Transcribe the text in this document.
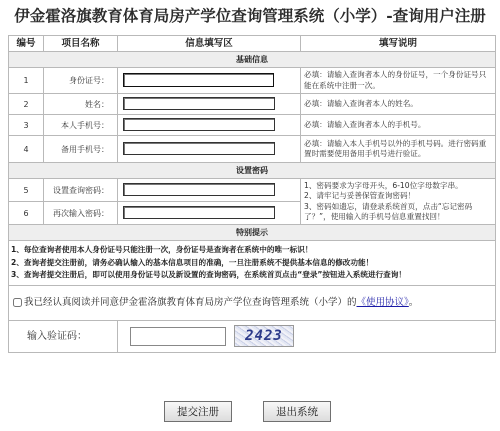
伊金霍洛旗教育体育局房产学位查询管理系统（小学）-查询用户注册
编号	项目名称	信息填写区	填写说明
基础信息			
1	身份证号：		必填：请输入查询者本人的身份证号，一个身份证号只能在系统中注册一次。
2	姓名：		必填：请输入查询者本人的姓名。
3	本人手机号：		必填：请输入查询者本人的手机号。
4	备用手机号：		必填：请输入本人手机号以外的手机号码。进行密码重置时需要使用备用手机号进行验证。
设置密码			
5	设置查询密码：		1、密码要求为字母开头，6-10位字母数字串。
2、请牢记与妥善保管查询密码！
3、密码如遗忘，请登录系统首页，点击“忘记密码了？”，使用输入的手机号信息重置找回！

6	再次输入密码：	
特别提示			

1、每位查询者使用本人身份证号只能注册一次，身份证号是查询者在系统中的唯一标识！
2、查询者提交注册前，请务必确认输入的基本信息项目的准确，一旦注册系统不提供基本信息的修改功能！
3、查询者提交注册后，即可以使用身份证号以及新设置的查询密码，在系统首页点击“登录”按钮进入系统进行查询！			

我已经认真阅读并同意伊金霍洛旗教育体育局房产学位查询管理系统（小学）的《使用协议》。			
输入验证码：		2423	
提交注册	退出系统
